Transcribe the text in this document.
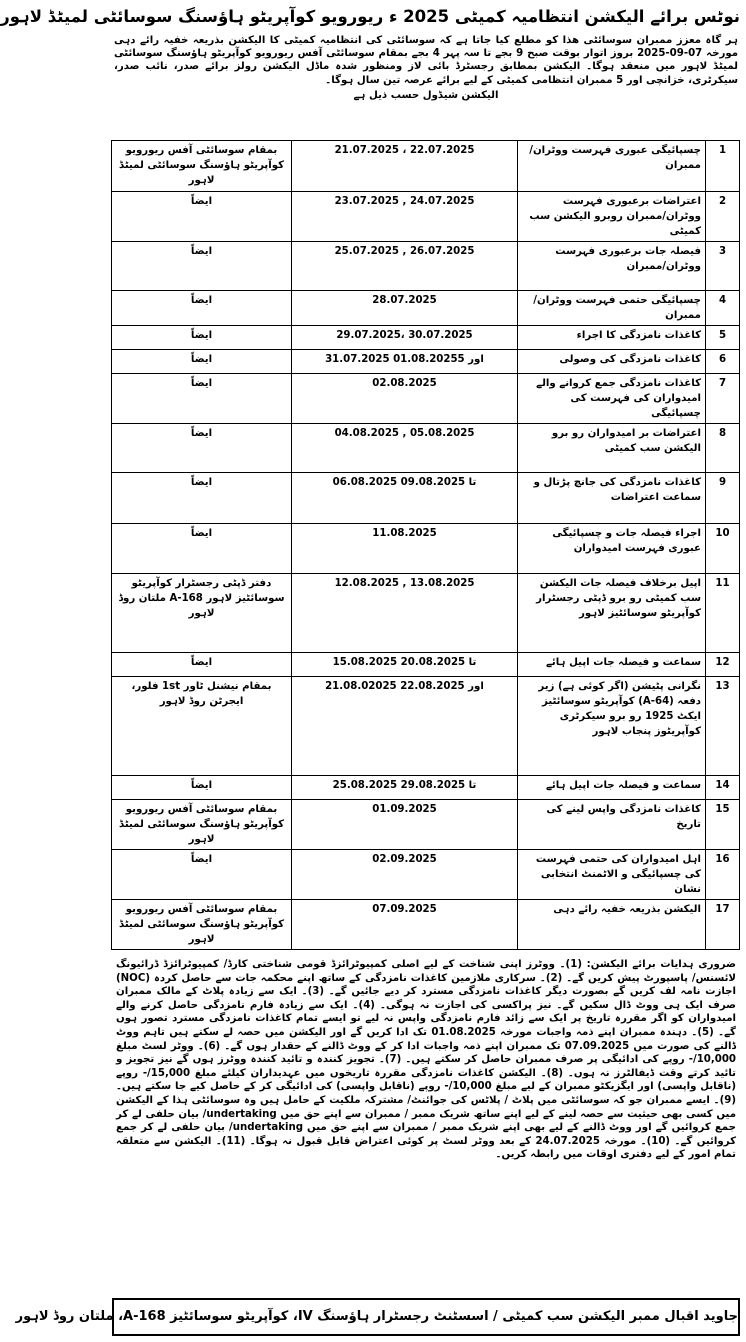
نوٹس برائے الیکشن انتظامیہ کمیٹی 2025 ء ریورویو کوآپریٹو ہاؤسنگ سوسائٹی لمیٹڈ لاہور
ہر گاہ معزز ممبران سوسائٹی ھذا کو مطلع کیا جاتا ہے کہ سوسائٹی کی انتظامیہ کمیٹی کا الیکشن بذریعہ خفیہ رائے دہی مورخہ 07-09-2025 بروز اتوار بوقت صبح 9 بجے تا سہ پہر 4 بجے بمقام سوسائٹی آفس ریورویو کوآپریٹو ہاؤسنگ سوسائٹی لمیٹڈ لاہور میں منعقد ہوگا۔ الیکشن بمطابق رجسٹرڈ بائی لاز ومنظور شدہ ماڈل الیکشن رولز برائے صدر، نائب صدر، سیکرٹری، خزانچی اور 5 ممبران انتظامی کمیٹی کے لیے برائے عرصہ تین سال ہوگا۔
الیکشن شیڈول حسب ذیل ہے
1	چسپائیگی عبوری فہرست ووٹران/ممبران	21.07.2025 ، 22.07.2025	بمقام سوسائٹی آفس ریورویو کوآپریٹو ہاؤسنگ سوسائٹی لمیٹڈ لاہور
2	اعتراضات برعبوری فہرست ووٹران/ممبران روبرو الیکشن سب کمیٹی	23.07.2025 , 24.07.2025	ایضاً
3	فیصلہ جات برعبوری فہرست ووٹران/ممبران	25.07.2025 , 26.07.2025	ایضاً
4	چسپائیگی حتمی فہرست ووٹران/ممبران	28.07.2025	ایضاً
5	کاغذات نامزدگی کا اجراء	29.07.2025، 30.07.2025	ایضاً
6	کاغذات نامزدگی کی وصولی	31.07.2025 اور 01.08.20255	ایضاً
7	کاغذات نامزدگی جمع کروانے والے امیدواران کی فہرست کی چسپائیگی	02.08.2025	ایضاً
8	اعتراضات بر امیدواران رو برو الیکشن سب کمیٹی	04.08.2025 , 05.08.2025	ایضاً
9	کاغذات نامزدگی کی جانچ پڑتال و سماعت اعتراضات	06.08.2025 تا 09.08.2025	ایضاً
10	اجراء فیصلہ جات و چسپائیگی عبوری فہرست امیدواران	11.08.2025	ایضاً
11	اپیل برخلاف فیصلہ جات الیکشن سب کمیٹی رو برو ڈپٹی رجسٹرار کوآپریٹو سوسائٹیز لاہور	12.08.2025 , 13.08.2025	دفتر ڈپٹی رجسٹرار کوآپریٹو سوسائٹیز لاہور A-168 ملتان روڈ لاہور
12	سماعت و فیصلہ جات اپیل ہائے	15.08.2025 تا 20.08.2025	ایضاً
13	نگرانی پٹیشن (اگر کوئی ہے) زیر دفعہ (64-A) کوآپریٹو سوسائٹیز ایکٹ 1925 رو برو سیکرٹری کوآپریٹوز پنجاب لاہور	21.08.02025 اور 22.08.2025	بمقام نیشنل ٹاور 1st فلور، ایجرٹن روڈ لاہور
14	سماعت و فیصلہ جات اپیل ہائے	25.08.2025 تا 29.08.2025	ایضاً
15	کاغذات نامزدگی واپس لینے کی تاریخ	01.09.2025	بمقام سوسائٹی آفس ریورویو کوآپریٹو ہاؤسنگ سوسائٹی لمیٹڈ لاہور
16	اہل امیدواران کی حتمی فہرست کی چسپائیگی و الاٹمنٹ انتخابی نشان	02.09.2025	ایضاً
17	الیکشن بذریعہ خفیہ رائے دہی	07.09.2025	بمقام سوسائٹی آفس ریورویو کوآپریٹو ہاؤسنگ سوسائٹی لمیٹڈ لاہور
ضروری ہدایات برائے الیکشن: (1)۔ ووٹرز اپنی شناخت کے لیے اصلی کمپیوٹرائزڈ قومی شناختی کارڈ/ کمپیوٹرائزڈ ڈرائیونگ لائسنس/ پاسپورٹ پیش کریں گے۔ (2)۔ سرکاری ملازمین کاغذات نامزدگی کے ساتھ اپنے محکمہ جات سے حاصل کردہ (NOC) اجازت نامہ لف کریں گے بصورت دیگر کاغذات نامزدگی مسترد کر دیے جائیں گے۔ (3)۔ ایک سے زیادہ پلاٹ کے مالک ممبران صرف ایک ہی ووٹ ڈال سکیں گے۔ نیز پراکسی کی اجازت نہ ہوگی۔ (4)۔ ایک سے زیادہ فارم نامزدگی حاصل کرنے والے امیدواران کو اگر مقررہ تاریخ پر ایک سے زائد فارم نامزدگی واپس نہ لیے تو ایسے تمام کاغذات نامزدگی مسترد تصور ہوں گے۔ (5)۔ دہندہ ممبران اپنے ذمہ واجبات مورخہ 01.08.2025 تک ادا کریں گے اور الیکشن میں حصہ لے سکتے ہیں تاہم ووٹ ڈالنے کی صورت میں 07.09.2025 تک ممبران اپنے ذمہ واجبات ادا کر کے ووٹ ڈالنے کے حقدار ہوں گے۔ (6)۔ ووٹر لسٹ مبلغ 10,000/- روپے کی ادائیگی پر صرف ممبران حاصل کر سکتے ہیں۔ (7)۔ تجویز کنندہ و تائید کنندہ ووٹرز ہوں گے نیز تجویز و تائید کرتے وقت ڈیفالٹرز نہ ہوں۔ (8)۔ الیکشن کاغذات نامزدگی مقررہ تاریخوں میں عہدیداران کیلئے مبلغ 15,000/- روپے (ناقابل واپسی) اور ایگزیکٹو ممبران کے لیے مبلغ 10,000/- روپے (ناقابل واپسی) کی ادائیگی کر کے حاصل کیے جا سکتے ہیں۔ (9)۔ ایسے ممبران جو کہ سوسائٹی میں پلاٹ / پلاٹس کی جوائنٹ/ مشترکہ ملکیت کے حامل ہیں وہ سوسائٹی ہذا کے الیکشن میں کسی بھی حیثیت سے حصہ لینے کے لیے اپنے ساتھ شریک ممبر / ممبران سے اپنے حق میں undertaking/ بیان حلفی لے کر جمع کروائیں گے اور ووٹ ڈالنے کے لیے بھی اپنے شریک ممبر / ممبران سے اپنے حق میں undertaking/ بیان حلفی لے کر جمع کروائیں گے۔ (10)۔ مورخہ 24.07.2025 کے بعد ووٹر لسٹ پر کوئی اعتراض قابل قبول نہ ہوگا۔ (11)۔ الیکشن سے متعلقہ تمام امور کے لیے دفتری اوقات میں رابطہ کریں۔
جاوید اقبال ممبر الیکشن سب کمیٹی / اسسٹنٹ رجسٹرار ہاؤسنگ IV، کوآپریٹو سوسائٹیز A-168، ملتان روڈ لاہور
